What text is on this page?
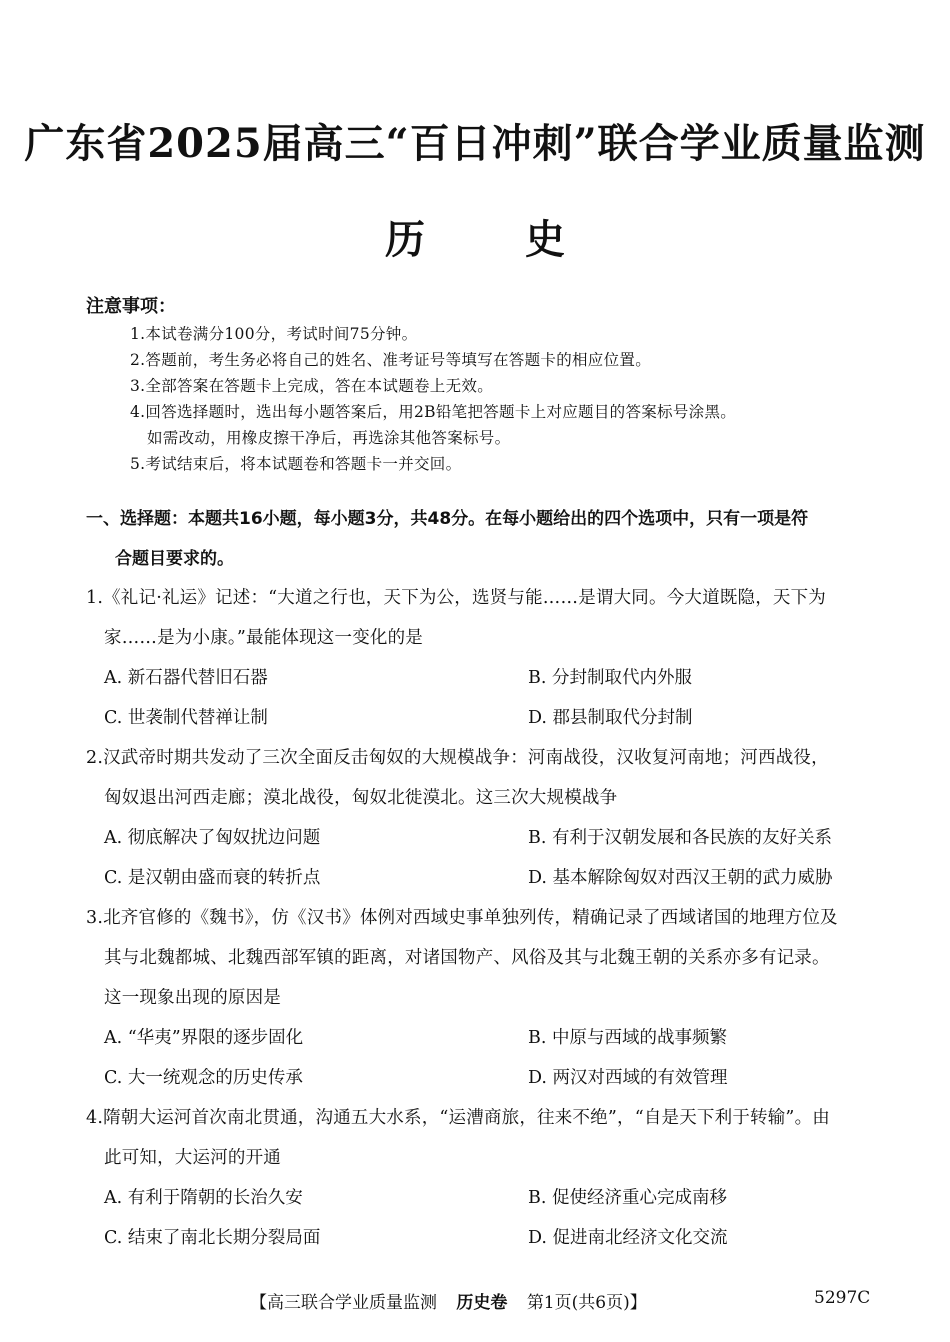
广东省2025届高三“百日冲刺”联合学业质量监测
历史
注意事项：
1.本试卷满分100分，考试时间75分钟。
2.答题前，考生务必将自己的姓名、准考证号等填写在答题卡的相应位置。
3.全部答案在答题卡上完成，答在本试题卷上无效。
4.回答选择题时，选出每小题答案后，用2B铅笔把答题卡上对应题目的答案标号涂黑。
如需改动，用橡皮擦干净后，再选涂其他答案标号。
5.考试结束后，将本试题卷和答题卡一并交回。
一、选择题：本题共16小题，每小题3分，共48分。在每小题给出的四个选项中，只有一项是符
合题目要求的。
1.《礼记·礼运》记述：“大道之行也，天下为公，选贤与能……是谓大同。今大道既隐，天下为
家……是为小康。”最能体现这一变化的是
A. 新石器代替旧石器	B. 分封制取代内外服
C. 世袭制代替禅让制	D. 郡县制取代分封制
2.汉武帝时期共发动了三次全面反击匈奴的大规模战争：河南战役，汉收复河南地；河西战役，
匈奴退出河西走廊；漠北战役，匈奴北徙漠北。这三次大规模战争
A. 彻底解决了匈奴扰边问题	B. 有利于汉朝发展和各民族的友好关系
C. 是汉朝由盛而衰的转折点	D. 基本解除匈奴对西汉王朝的武力威胁
3.北齐官修的《魏书》，仿《汉书》体例对西域史事单独列传，精确记录了西域诸国的地理方位及
其与北魏都城、北魏西部军镇的距离，对诸国物产、风俗及其与北魏王朝的关系亦多有记录。
这一现象出现的原因是
A. “华夷”界限的逐步固化	B. 中原与西域的战事频繁
C. 大一统观念的历史传承	D. 两汉对西域的有效管理
4.隋朝大运河首次南北贯通，沟通五大水系，“运漕商旅，往来不绝”，“自是天下利于转输”。由
此可知，大运河的开通
A. 有利于隋朝的长治久安	B. 促使经济重心完成南移
C. 结束了南北长期分裂局面	D. 促进南北经济文化交流
【高三联合学业质量监测 历史卷 第1页(共6页)】	5297C
